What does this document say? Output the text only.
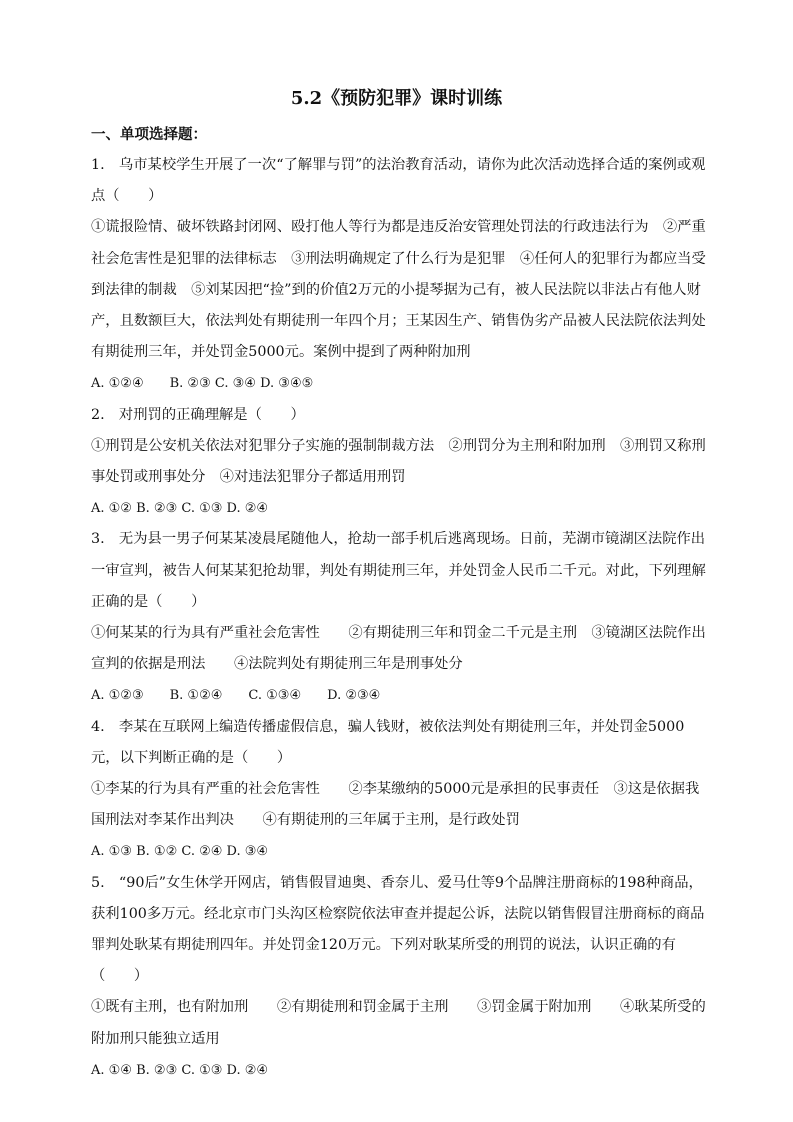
5.2《预防犯罪》课时训练
一、单项选择题：

1.　乌市某校学生开展了一次“了解罪与罚”的法治教育活动，请你为此次活动选择合适的案例或观点（　　）

①谎报险情、破坏铁路封闭网、殴打他人等行为都是违反治安管理处罚法的行政违法行为　②严重社会危害性是犯罪的法律标志　③刑法明确规定了什么行为是犯罪　④任何人的犯罪行为都应当受到法律的制裁　⑤刘某因把“捡”到的价值2万元的小提琴据为己有，被人民法院以非法占有他人财产，且数额巨大，依法判处有期徒刑一年四个月；王某因生产、销售伪劣产品被人民法院依法判处有期徒刑三年，并处罚金5000元。案例中提到了两种附加刑

A. ①②④　　B. ②③ C. ③④ D. ③④⑤

2.　对刑罚的正确理解是（　　）

①刑罚是公安机关依法对犯罪分子实施的强制制裁方法　②刑罚分为主刑和附加刑　③刑罚又称刑事处罚或刑事处分　④对违法犯罪分子都适用刑罚

A. ①② B. ②③ C. ①③ D. ②④

3.　无为县一男子何某某凌晨尾随他人，抢劫一部手机后逃离现场。日前，芜湖市镜湖区法院作出一审宣判，被告人何某某犯抢劫罪，判处有期徒刑三年，并处罚金人民币二千元。对此，下列理解正确的是（　　）

①何某某的行为具有严重社会危害性　　②有期徒刑三年和罚金二千元是主刑　③镜湖区法院作出宣判的依据是刑法　　④法院判处有期徒刑三年是刑事处分

A. ①②③　　B. ①②④　　C. ①③④　　D. ②③④

4.　李某在互联网上编造传播虚假信息，骗人钱财，被依法判处有期徒刑三年，并处罚金5000元，以下判断正确的是（　　）

①李某的行为具有严重的社会危害性　　②李某缴纳的5000元是承担的民事责任　③这是依据我国刑法对李某作出判决　　④有期徒刑的三年属于主刑，是行政处罚

A. ①③ B. ①② C. ②④ D. ③④

5.　“90后”女生休学开网店，销售假冒迪奥、香奈儿、爱马仕等9个品牌注册商标的198种商品，获利100多万元。经北京市门头沟区检察院依法审查并提起公诉，法院以销售假冒注册商标的商品罪判处耿某有期徒刑四年。并处罚金120万元。下列对耿某所受的刑罚的说法，认识正确的有（　　）

①既有主刑，也有附加刑　　②有期徒刑和罚金属于主刑　　③罚金属于附加刑　　④耿某所受的附加刑只能独立适用

A. ①④ B. ②③ C. ①③ D. ②④
